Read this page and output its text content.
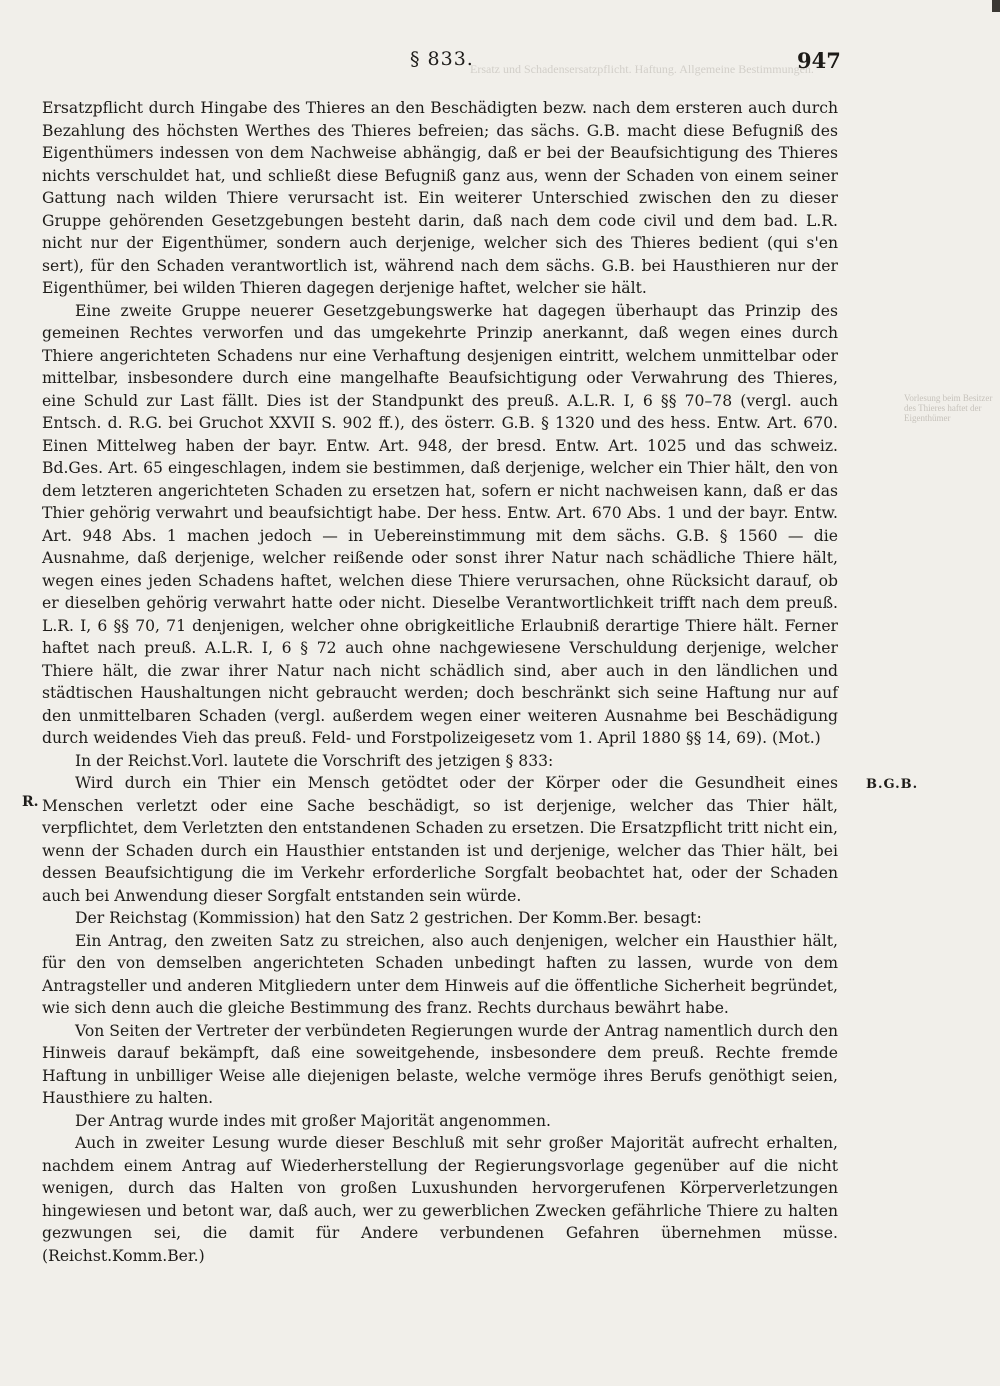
Ersatz und Schadensersatzpflicht. Haftung. Allgemeine Bestimmungen.
§ 833.	947
Vorlesung beim Besitzer des Thieres haftet der Eigenthümer
R.
B.G.B.

Ersatzpflicht durch Hingabe des Thieres an den Beschädigten bezw. nach dem ersteren auch durch Bezahlung des höchsten Werthes des Thieres befreien; das sächs. G.B. macht diese Befugniß des Eigenthümers indessen von dem Nachweise abhängig, daß er bei der Beaufsichtigung des Thieres nichts verschuldet hat, und schließt diese Befugniß ganz aus, wenn der Schaden von einem seiner Gattung nach wilden Thiere verursacht ist. Ein weiterer Unterschied zwischen den zu dieser Gruppe gehörenden Gesetzgebungen besteht darin, daß nach dem code civil und dem bad. L.R. nicht nur der Eigenthümer, sondern auch derjenige, welcher sich des Thieres bedient (qui s'en sert), für den Schaden verantwortlich ist, während nach dem sächs. G.B. bei Hausthieren nur der Eigenthümer, bei wilden Thieren dagegen derjenige haftet, welcher sie hält.

Eine zweite Gruppe neuerer Gesetzgebungswerke hat dagegen überhaupt das Prinzip des gemeinen Rechtes verworfen und das umgekehrte Prinzip anerkannt, daß wegen eines durch Thiere angerichteten Schadens nur eine Verhaftung desjenigen eintritt, welchem unmittelbar oder mittelbar, insbesondere durch eine mangelhafte Beaufsichtigung oder Verwahrung des Thieres, eine Schuld zur Last fällt. Dies ist der Standpunkt des preuß. A.L.R. I, 6 §§ 70–78 (vergl. auch Entsch. d. R.G. bei Gruchot XXVII S. 902 ff.), des österr. G.B. § 1320 und des hess. Entw. Art. 670. Einen Mittelweg haben der bayr. Entw. Art. 948, der bresd. Entw. Art. 1025 und das schweiz. Bd.Ges. Art. 65 eingeschlagen, indem sie bestimmen, daß derjenige, welcher ein Thier hält, den von dem letzteren angerichteten Schaden zu ersetzen hat, sofern er nicht nachweisen kann, daß er das Thier gehörig verwahrt und beaufsichtigt habe. Der hess. Entw. Art. 670 Abs. 1 und der bayr. Entw. Art. 948 Abs. 1 machen jedoch — in Uebereinstimmung mit dem sächs. G.B. § 1560 — die Ausnahme, daß derjenige, welcher reißende oder sonst ihrer Natur nach schädliche Thiere hält, wegen eines jeden Schadens haftet, welchen diese Thiere verursachen, ohne Rücksicht darauf, ob er dieselben gehörig verwahrt hatte oder nicht. Dieselbe Verantwortlichkeit trifft nach dem preuß. L.R. I, 6 §§ 70, 71 denjenigen, welcher ohne obrigkeitliche Erlaubniß derartige Thiere hält. Ferner haftet nach preuß. A.L.R. I, 6 § 72 auch ohne nachgewiesene Verschuldung derjenige, welcher Thiere hält, die zwar ihrer Natur nach nicht schädlich sind, aber auch in den ländlichen und städtischen Haushaltungen nicht gebraucht werden; doch beschränkt sich seine Haftung nur auf den unmittelbaren Schaden (vergl. außerdem wegen einer weiteren Ausnahme bei Beschädigung durch weidendes Vieh das preuß. Feld- und Forstpolizeigesetz vom 1. April 1880 §§ 14, 69). (Mot.)

In der Reichst.Vorl. lautete die Vorschrift des jetzigen § 833:

Wird durch ein Thier ein Mensch getödtet oder der Körper oder die Gesundheit eines Menschen verletzt oder eine Sache beschädigt, so ist derjenige, welcher das Thier hält, verpflichtet, dem Verletzten den entstandenen Schaden zu ersetzen. Die Ersatzpflicht tritt nicht ein, wenn der Schaden durch ein Hausthier entstanden ist und derjenige, welcher das Thier hält, bei dessen Beaufsichtigung die im Verkehr erforderliche Sorgfalt beobachtet hat, oder der Schaden auch bei Anwendung dieser Sorgfalt entstanden sein würde.

Der Reichstag (Kommission) hat den Satz 2 gestrichen. Der Komm.Ber. besagt:

Ein Antrag, den zweiten Satz zu streichen, also auch denjenigen, welcher ein Hausthier hält, für den von demselben angerichteten Schaden unbedingt haften zu lassen, wurde von dem Antragsteller und anderen Mitgliedern unter dem Hinweis auf die öffentliche Sicherheit begründet, wie sich denn auch die gleiche Bestimmung des franz. Rechts durchaus bewährt habe.

Von Seiten der Vertreter der verbündeten Regierungen wurde der Antrag namentlich durch den Hinweis darauf bekämpft, daß eine soweitgehende, insbesondere dem preuß. Rechte fremde Haftung in unbilliger Weise alle diejenigen belaste, welche vermöge ihres Berufs genöthigt seien, Hausthiere zu halten.

Der Antrag wurde indes mit großer Majorität angenommen.

Auch in zweiter Lesung wurde dieser Beschluß mit sehr großer Majorität aufrecht erhalten, nachdem einem Antrag auf Wiederherstellung der Regierungsvorlage gegenüber auf die nicht wenigen, durch das Halten von großen Luxushunden hervorgerufenen Körperverletzungen hingewiesen und betont war, daß auch, wer zu gewerblichen Zwecken gefährliche Thiere zu halten gezwungen sei, die damit für Andere verbundenen Gefahren übernehmen müsse. (Reichst.Komm.Ber.)
